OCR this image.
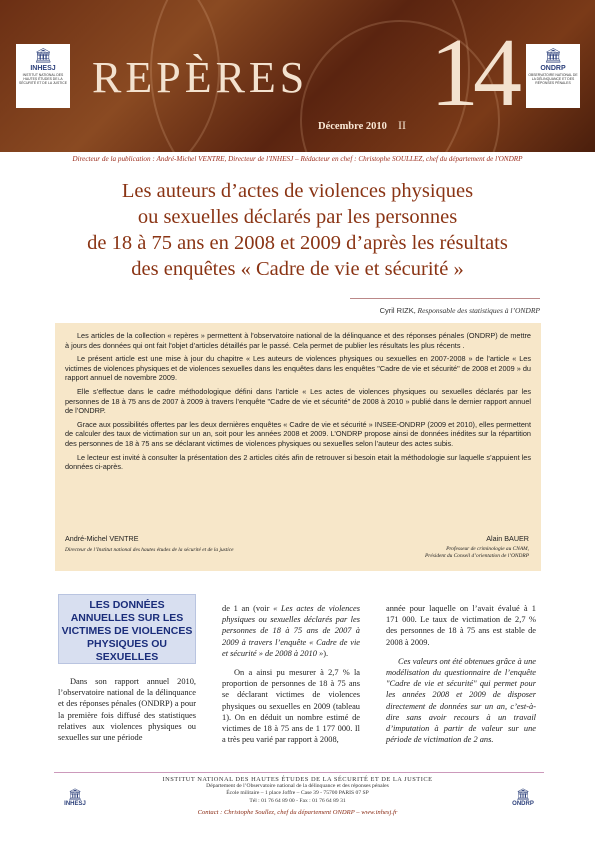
🏛
INHESJ
INSTITUT NATIONAL DES HAUTES ÉTUDES DE LA SÉCURITÉ ET DE LA JUSTICE REPÈRES 14
Décembre 2010 II
🏛
ONDRP
OBSERVATOIRE NATIONAL DE LA DÉLINQUANCE ET DES RÉPONSES PÉNALES
Directeur de la publication : André-Michel VENTRE, Directeur de l'INHESJ – Rédacteur en chef : Christophe SOULLEZ, chef du département de l'ONDRP
Les auteurs d’actes de violences physiques
ou sexuelles déclarés par les personnes
de 18 à 75 ans en 2008 et 2009 d’après les résultats
des enquêtes « Cadre de vie et sécurité »
Cyril RIZK, Responsable des statistiques à l’ONDRP

Les articles de la collection « repères » permettent à l’observatoire national de la délinquance et des réponses pénales (ONDRP) de mettre à jours des données qui ont fait l’objet d’articles détaillés par le passé. Cela permet de publier les résultats les plus récents .

Le présent article est une mise à jour du chapitre « Les auteurs de violences physiques ou sexuelles en 2007-2008 » de l’article « Les victimes de violences physiques et de violences sexuelles dans les enquêtes dans les enquêtes "Cadre de vie et sécurité" de 2008 et 2009 » du rapport annuel de novembre 2009.

Elle s’effectue dans le cadre méthodologique défini dans l’article « Les actes de violences physiques ou sexuelles déclarés par les personnes de 18 à 75 ans de 2007 à 2009 à travers l’enquête "Cadre de vie et sécurité" de 2008 à 2010 » publié dans le dernier rapport annuel de l’ONDRP.

Grace aux possibilités offertes par les deux dernières enquêtes « Cadre de vie et sécurité » INSEE-ONDRP (2009 et 2010), elles permettent de calculer des taux de victimation sur un an, soit pour les années 2008 et 2009. L’ONDRP propose ainsi de données inédites sur la répartition des personnes de 18 à 75 ans se déclarant victimes de violences physiques ou sexuelles selon l’auteur des actes subis.

Le lecteur est invité à consulter la présentation des 2 articles cités afin de retrouver si besoin etait la méthodologie sur laquelle s’appuient les données ci-après.

André-Michel VENTRE
Directeur de l’Institut national des hautes études de la sécurité et de la justice
Alain BAUER
Professeur de criminologie au CNAM,
Président du Conseil d’orientation de l’ONDRP
LES DONNÉES
ANNUELLES SUR LES
VICTIMES DE VIOLENCES
PHYSIQUES OU SEXUELLES

Dans son rapport annuel 2010, l’observatoire national de la délinquance et des réponses pénales (ONDRP) a pour la première fois diffusé des statistiques relatives aux violences physiques ou sexuelles sur une période

de 1 an (voir « Les actes de violences physiques ou sexuelles déclarés par les personnes de 18 à 75 ans de 2007 à 2009 à travers l’enquête « Cadre de vie et sécurité » de 2008 à 2010 »).

On a ainsi pu mesurer à 2,7 % la proportion de personnes de 18 à 75 ans se déclarant victimes de violences physiques ou sexuelles en 2009 (tableau 1). On en déduit un nombre estimé de victimes de 18 à 75 ans de 1 177 000. Il a très peu varié par rapport à 2008,

année pour laquelle on l’avait évalué à 1 171 000. Le taux de victimation de 2,7 % des personnes de 18 à 75 ans est stable de 2008 à 2009.

Ces valeurs ont été obtenues grâce à une modélisation du questionnaire de l’enquête "Cadre de vie et sécurité" qui permet pour les années 2008 et 2009 de disposer directement de données sur un an, c’est-à-dire sans avoir recours à un travail d’imputation à partir de valeur sur une période de victimation de 2 ans.

🏛
INHESJ
INSTITUT NATIONAL DES HAUTES ÉTUDES DE LA SÉCURITÉ ET DE LA JUSTICE
Département de l’Observatoire national de la délinquance et des réponses pénales
École militaire – 1 place Joffre – Case 39 - 75700 PARIS 07 SP
Tél : 01 76 64 89 00 - Fax : 01 76 64 89 31
Contact : Christophe Soullez, chef du département ONDRP – www.inhesj.fr
🏛
ONDRP
